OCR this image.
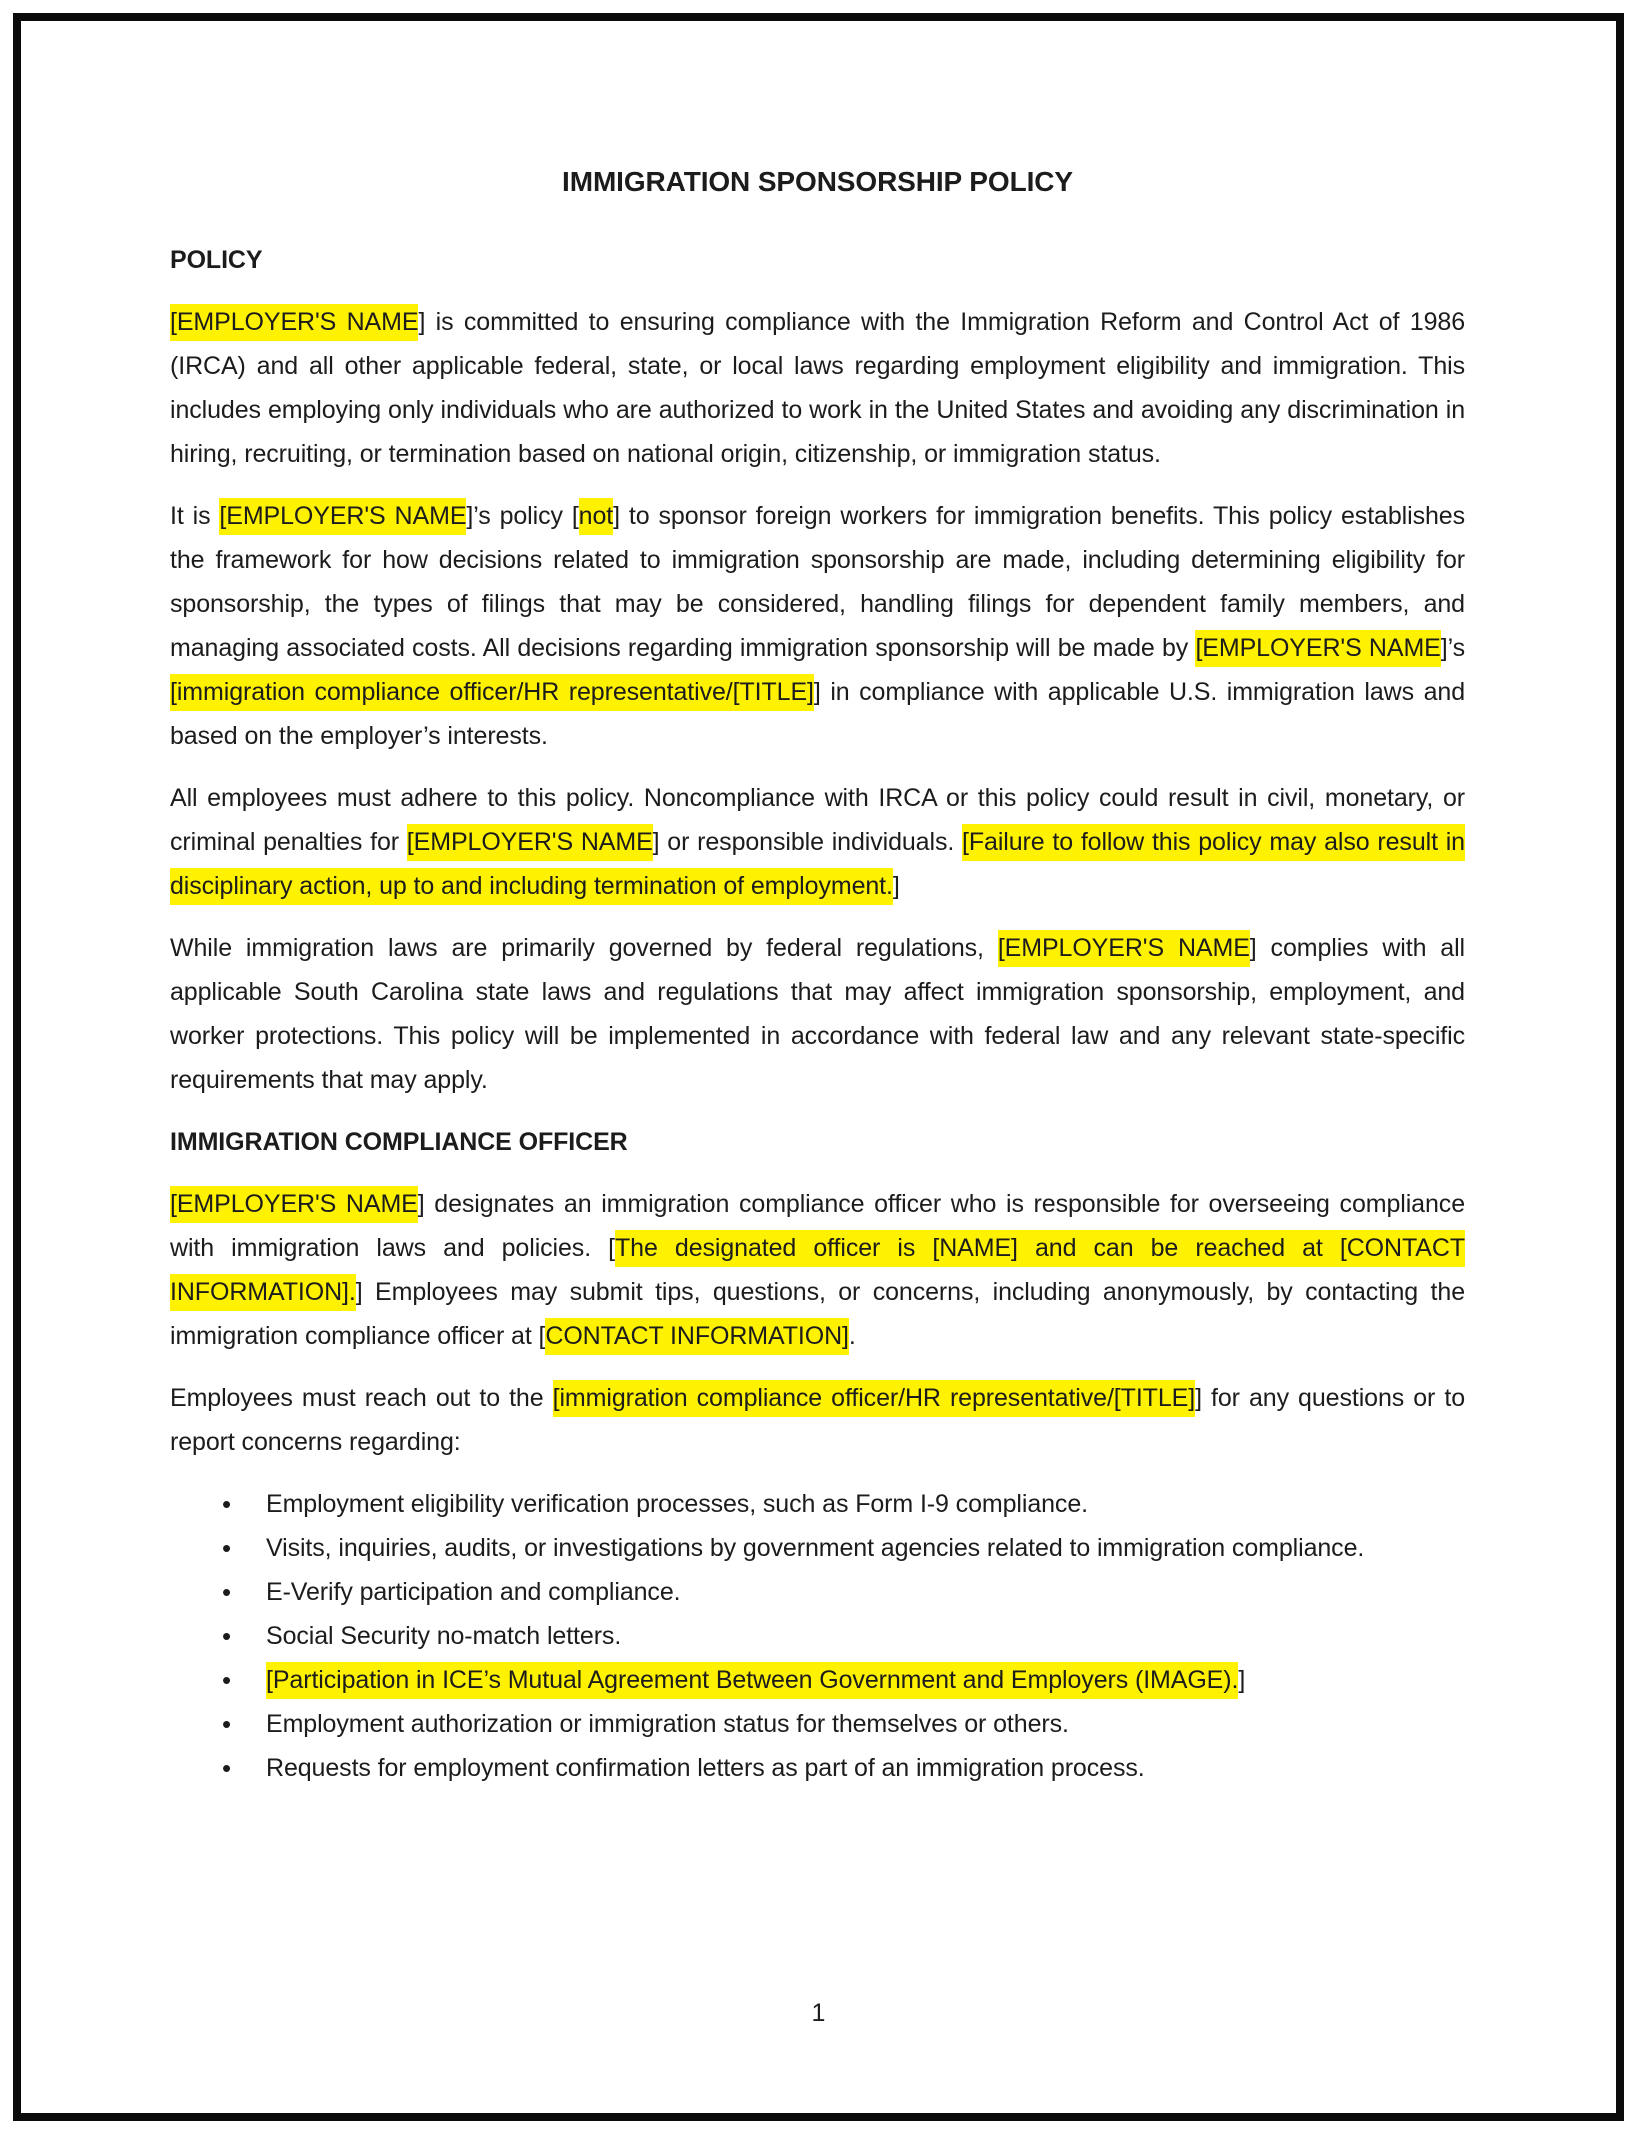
IMMIGRATION SPONSORSHIP POLICY
POLICY

[EMPLOYER'S NAME] is committed to ensuring compliance with the Immigration Reform and Control Act of 1986 (IRCA) and all other applicable federal, state, or local laws regarding employment eligibility and immigration. This includes employing only individuals who are authorized to work in the United States and avoiding any discrimination in hiring, recruiting, or termination based on national origin, citizenship, or immigration status.

It is [EMPLOYER'S NAME]’s policy [not] to sponsor foreign workers for immigration benefits. This policy establishes the framework for how decisions related to immigration sponsorship are made, including determining eligibility for sponsorship, the types of filings that may be considered, handling filings for dependent family members, and managing associated costs. All decisions regarding immigration sponsorship will be made by [EMPLOYER'S NAME]’s [immigration compliance officer/HR representative/[TITLE]] in compliance with applicable U.S. immigration laws and based on the employer’s interests.

All employees must adhere to this policy. Noncompliance with IRCA or this policy could result in civil, monetary, or criminal penalties for [EMPLOYER'S NAME] or responsible individuals. [Failure to follow this policy may also result in disciplinary action, up to and including termination of employment.]

While immigration laws are primarily governed by federal regulations, [EMPLOYER'S NAME] complies with all applicable South Carolina state laws and regulations that may affect immigration sponsorship, employment, and worker protections. This policy will be implemented in accordance with federal law and any relevant state-specific requirements that may apply.

IMMIGRATION COMPLIANCE OFFICER

[EMPLOYER'S NAME] designates an immigration compliance officer who is responsible for overseeing compliance with immigration laws and policies. [The designated officer is [NAME] and can be reached at [CONTACT INFORMATION].] Employees may submit tips, questions, or concerns, including anonymously, by contacting the immigration compliance officer at [CONTACT INFORMATION].

Employees must reach out to the [immigration compliance officer/HR representative/[TITLE]] for any questions or to report concerns regarding:

• Employment eligibility verification processes, such as Form I-9 compliance.
• Visits, inquiries, audits, or investigations by government agencies related to immigration compliance.
• E-Verify participation and compliance.
• Social Security no-match letters.
• [Participation in ICE’s Mutual Agreement Between Government and Employers (IMAGE).]
• Employment authorization or immigration status for themselves or others.
• Requests for employment confirmation letters as part of an immigration process.
1
